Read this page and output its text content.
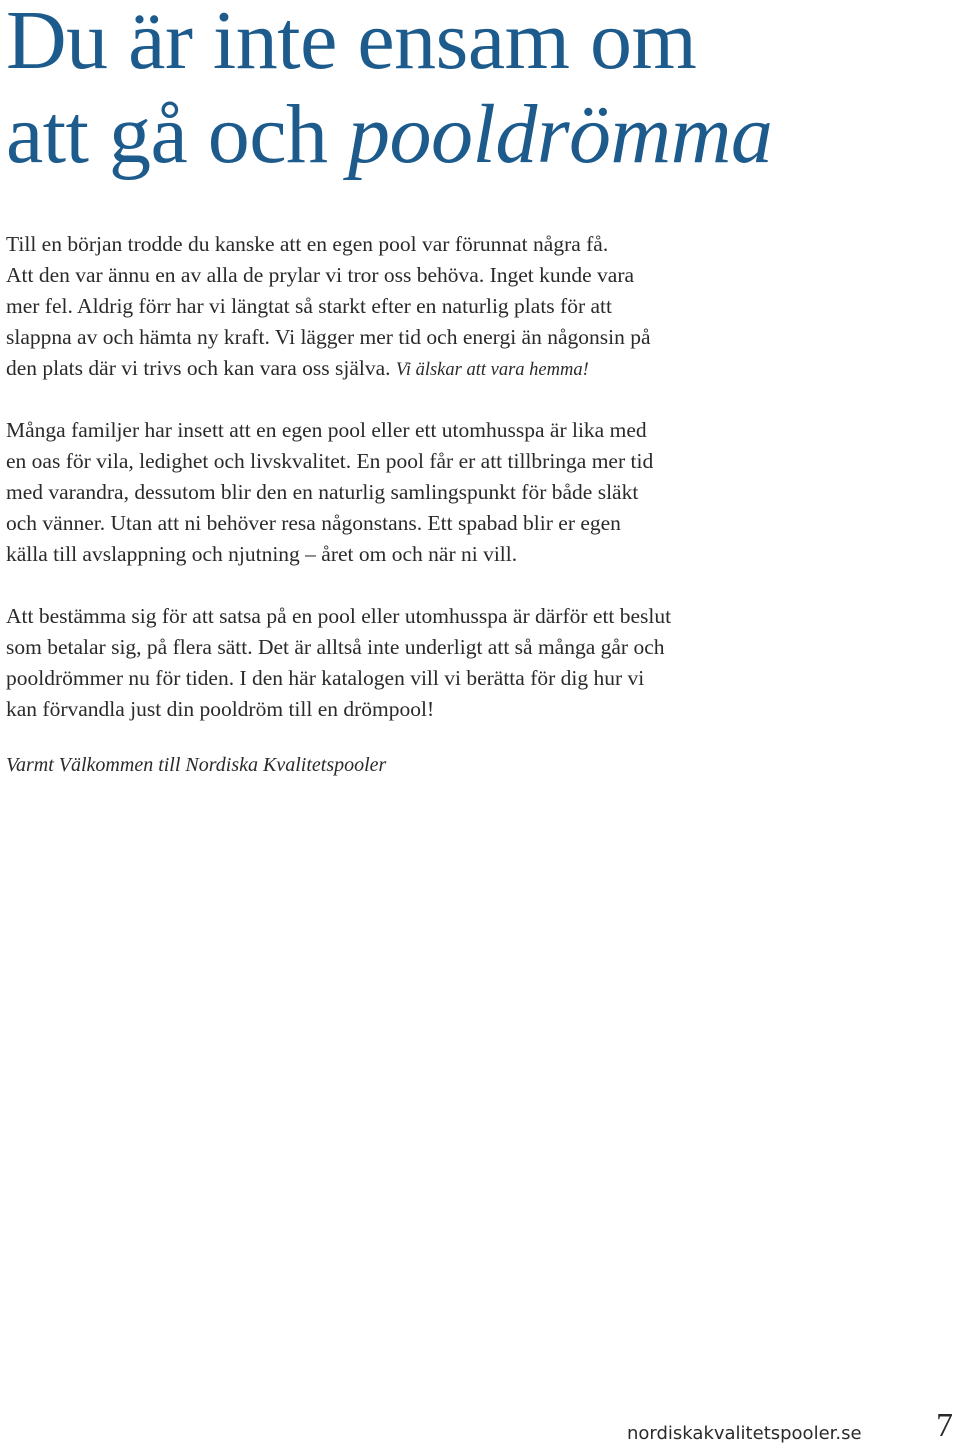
Du är inte ensam om
att gå och pooldrömma

Till en början trodde du kanske att en egen pool var förunnat några få.
Att den var ännu en av alla de prylar vi tror oss behöva. Inget kunde vara
mer fel. Aldrig förr har vi längtat så starkt efter en naturlig plats för att
slappna av och hämta ny kraft. Vi lägger mer tid och energi än någonsin på
den plats där vi trivs och kan vara oss själva. Vi älskar att vara hemma!

Många familjer har insett att en egen pool eller ett utomhusspa är lika med
en oas för vila, ledighet och livskvalitet. En pool får er att tillbringa mer tid
med varandra, dessutom blir den en naturlig samlingspunkt för både släkt
och vänner. Utan att ni behöver resa någonstans. Ett spabad blir er egen
källa till avslappning och njutning – året om och när ni vill.

Att bestämma sig för att satsa på en pool eller utomhusspa är därför ett beslut
som betalar sig, på flera sätt. Det är alltså inte underligt att så många går och
pooldrömmer nu för tiden. I den här katalogen vill vi berätta för dig hur vi
kan förvandla just din pooldröm till en drömpool!

Varmt Välkommen till Nordiska Kvalitetspooler

nordiskakvalitetspooler.se 7
